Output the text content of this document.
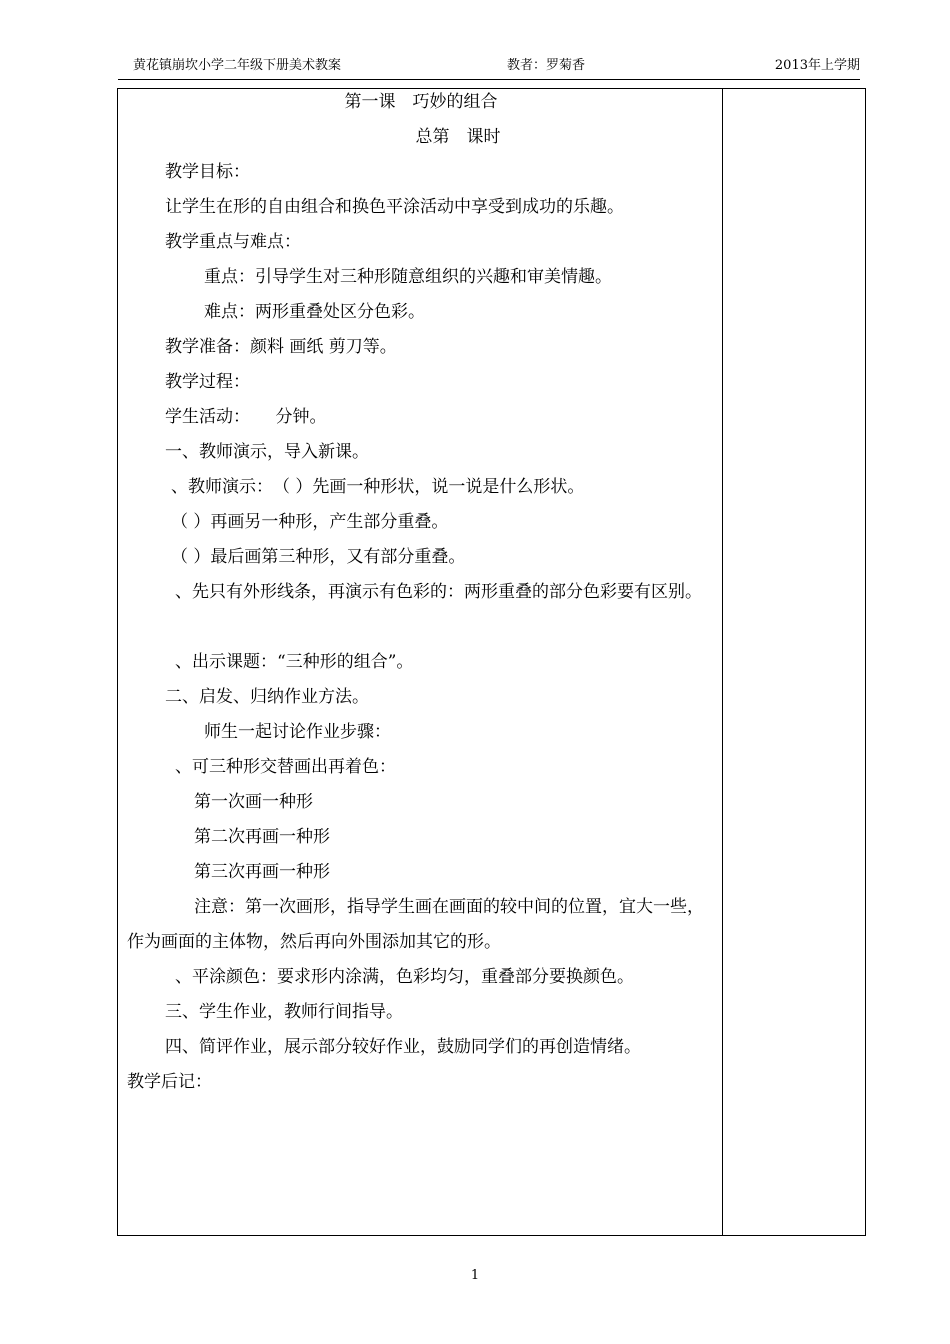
黄花镇崩坎小学二年级下册美术教案	教者：罗菊香	2013年上学期
第一课　巧妙的组合
总第　课时
教学目标：
让学生在形的自由组合和换色平涂活动中享受到成功的乐趣。
教学重点与难点：
重点：引导学生对三种形随意组织的兴趣和审美情趣。
难点：两形重叠处区分色彩。
教学准备：颜料 画纸 剪刀等。
教学过程：
学生活动：　　分钟。
一、教师演示，导入新课。
、教师演示：　（ ）先画一种形状，说一说是什么形状。
（ ）再画另一种形，产生部分重叠。
（ ）最后画第三种形，又有部分重叠。
、先只有外形线条，再演示有色彩的：两形重叠的部分色彩要有区别。
、出示课题：“三种形的组合”。
二、启发、归纳作业方法。
师生一起讨论作业步骤：
、可三种形交替画出再着色：
第一次画一种形
第二次再画一种形
第三次再画一种形
注意：第一次画形，指导学生画在画面的较中间的位置，宜大一些，作为画面的主体物，然后再向外围添加其它的形。
、平涂颜色：要求形内涂满，色彩均匀，重叠部分要换颜色。
三、学生作业，教师行间指导。
四、简评作业，展示部分较好作业，鼓励同学们的再创造情绪。
教学后记：
1
